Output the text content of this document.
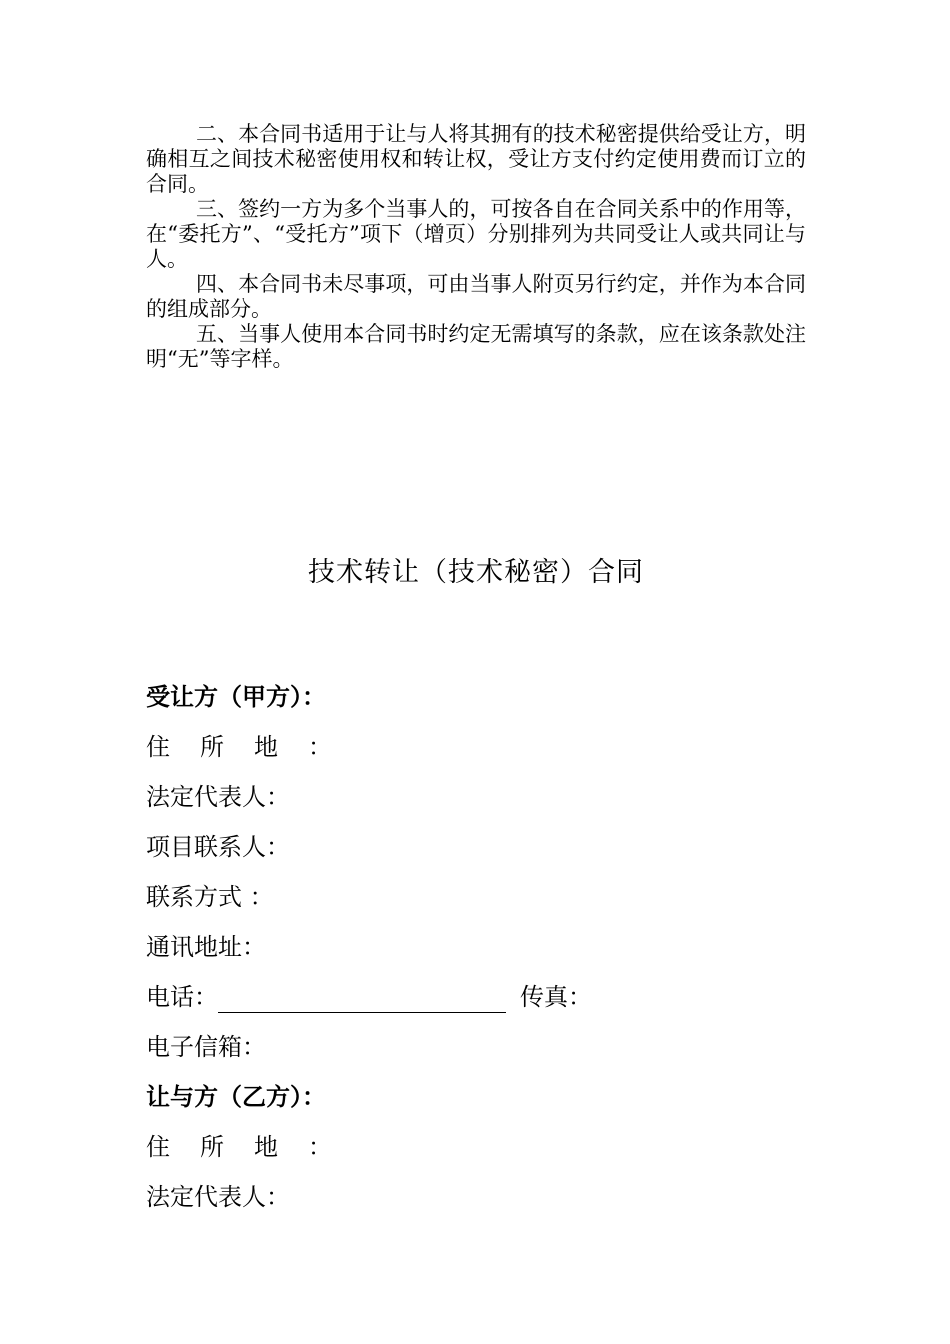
二、本合同书适用于让与人将其拥有的技术秘密提供给受让方，明确相互之间技术秘密使用权和转让权，受让方支付约定使用费而订立的合同。

三、签约一方为多个当事人的，可按各自在合同关系中的作用等，在“委托方”、“受托方”项下（增页）分别排列为共同受让人或共同让与人。

四、本合同书未尽事项，可由当事人附页另行约定，并作为本合同的组成部分。

五、当事人使用本合同书时约定无需填写的条款，应在该条款处注明“无”等字样。

技术转让（技术秘密）合同
受让方（甲方）：
住所地：
法定代表人：
项目联系人：
联系方式 ：
通讯地址：
电话：	传真：
电子信箱：
让与方（乙方）：
住所地：
法定代表人：
